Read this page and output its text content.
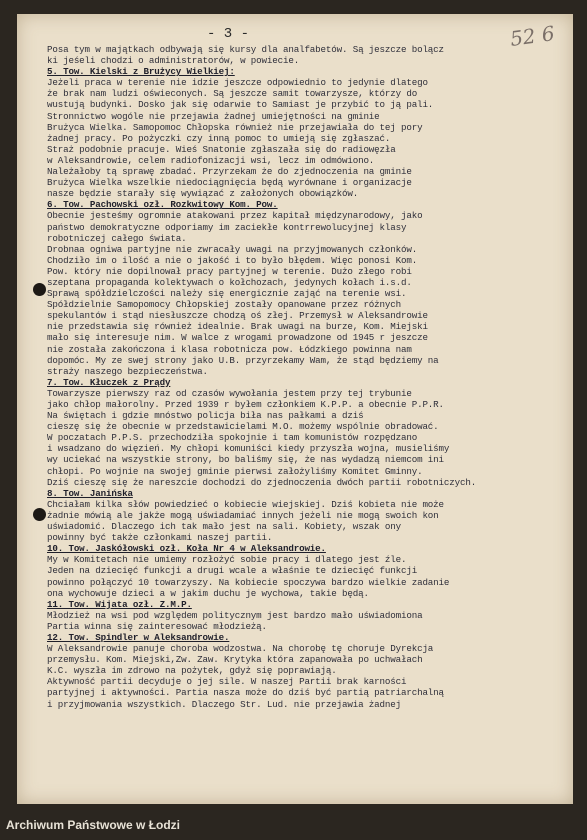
- 3 -	52 6
Posa tym w majątkach odbywają się kursy dla analfabetów. Są jeszcze bolącz
ki jeśeli chodzi o administratorów, w powiecie.
5. Tow. Kielski z Brużycy Wielkiej:
Jeżeli praca w terenie nie idzie jeszcze odpowiednio to jedynie dlatego
że brak nam ludzi oświeconych. Są jeszcze samit towarzysze, którzy do
wustują budynki. Dosko jak się odarwie to Samiast je przybić to ją pali.
Stronnictwo wogóle nie przejawia żadnej umiejętności na gminie
Brużyca Wielka. Samopomoc Chłopska również nie przejawiała do tej pory
żadnej pracy. Po pożyczki czy inną pomoc to umieją się zgłaszać.
Straż podobnie pracuje. Wieś Snatonie zgłaszała się do radiowęzła
w Aleksandrowie, celem radiofonizacji wsi, lecz im odmówiono.
Należałoby tą sprawę zbadać. Przyrzekam że do zjednoczenia na gminie
Brużyca Wielka wszelkie niedociągnięcia będą wyrównane i organizacje
nasze będzie starały się wywiązać z założonych obowiązków.
6. Tow. Pachowski ozł. Rozkwitowy Kom. Pow.
Obecnie jesteśmy ogromnie atakowani przez kapitał międzynarodowy, jako
państwo demokratyczne odporiamy im zaciekłe kontrrewolucyjnej klasy
robotniczej całego świata.
Drobnaa ogniwa partyjne nie zwracały uwagi na przyjmowanych członków.
Chodziło im o ilość a nie o jakość i to było błędem. Więc ponosi Kom.
Pow. który nie dopilnował pracy partyjnej w terenie. Dużo złego robi
szeptana propaganda kolektywach o kołchozach, jedynych kołach i.s.d.
Sprawą spółdzielczości należy się energicznie zająć na terenie wsi.
Spółdzielnie Samopomocy Chłopskiej zostały opanowane przez różnych
spekulantów i stąd niesłuszcze chodzą oś złej. Przemysł w Aleksandrowie
nie przedstawia się również idealnie. Brak uwagi na burze, Kom. Miejski
mało się interesuje nim. W walce z wrogami prowadzone od 1945 r jeszcze
nie została zakończona i klasa robotnicza pow. Łódzkiego powinna nam
dopomóc. My ze swej strony jako U.B. przyrzekamy Wam, że stąd będziemy na
straży naszego bezpieczeństwa.
7. Tow. Kłuczek z Prądy
Towarzysze pierwszy raz od czasów wywołania jestem przy tej trybunie
jako chłop małorolny. Przed 1939 r byłem członkiem K.P.P. a obecnie P.P.R.
Na świętach i gdzie mnóstwo policja biła nas pałkami a dziś
cieszę się że obecnie w przedstawicielami M.O. możemy wspólnie obradować.
W poczatach P.P.S. przechodziła spokojnie i tam komunistów rozpędzano
i wsadzano do więzień. My chłopi komuniści kiedy przyszła wojna, musieliśmy
wy uciekać na wszystkie strony, bo baliśmy się, że nas wydadzą niemcom ini
chłopi. Po wojnie na swojej gminie pierwsi założyliśmy Komitet Gminny.
Dziś cieszę się że nareszcie dochodzi do zjednoczenia dwóch partii robotniczych.
8. Tow. Janińska
Chciałam kilka słów powiedzieć o kobiecie wiejskiej. Dziś kobieta nie może
żadnie mówią ale jakże mogą uświadamiać innych jeżeli nie mogą swoich kon
uświadomić. Dlaczego ich tak mało jest na sali. Kobiety, wszak ony
powinny być także członkami naszej partii.
10. Tow. Jaskółowski ozł. Koła Nr 4 w Aleksandrowie.
My w Komitetach nie umiemy rozłożyć sobie pracy i dlatego jest źle.
Jeden na dziecięć funkcji a drugi wcale a właśnie te dziecięć funkcji
powinno połączyć 10 towarzyszy. Na kobiecie spoczywa bardzo wielkie zadanie
ona wychowuje dzieci a w jakim duchu je wychowa, takie będą.
11. Tow. Wijata ozł. Z.M.P.
Młodzież na wsi pod względem politycznym jest bardzo mało uświadomiona
Partia winna się zainteresować młodzieżą.
12. Tow. Spindler w Aleksandrowie.
W Aleksandrowie panuje choroba wodzostwa. Na chorobę tę choruje Dyrekcja
przemysłu. Kom. Miejski,Zw. Zaw. Krytyka która zapanowała po uchwałach
K.C. wyszła im zdrowo na pożytek, gdyż się poprawiają.
Aktywność partii decyduje o jej sile. W naszej Partii brak karności
partyjnej i aktywności. Partia nasza może do dziś być partią patriarchalną
i przyjmowania wszystkich. Dlaczego Str. Lud. nie przejawia żadnej
Archiwum Państwowe w Łodzi
